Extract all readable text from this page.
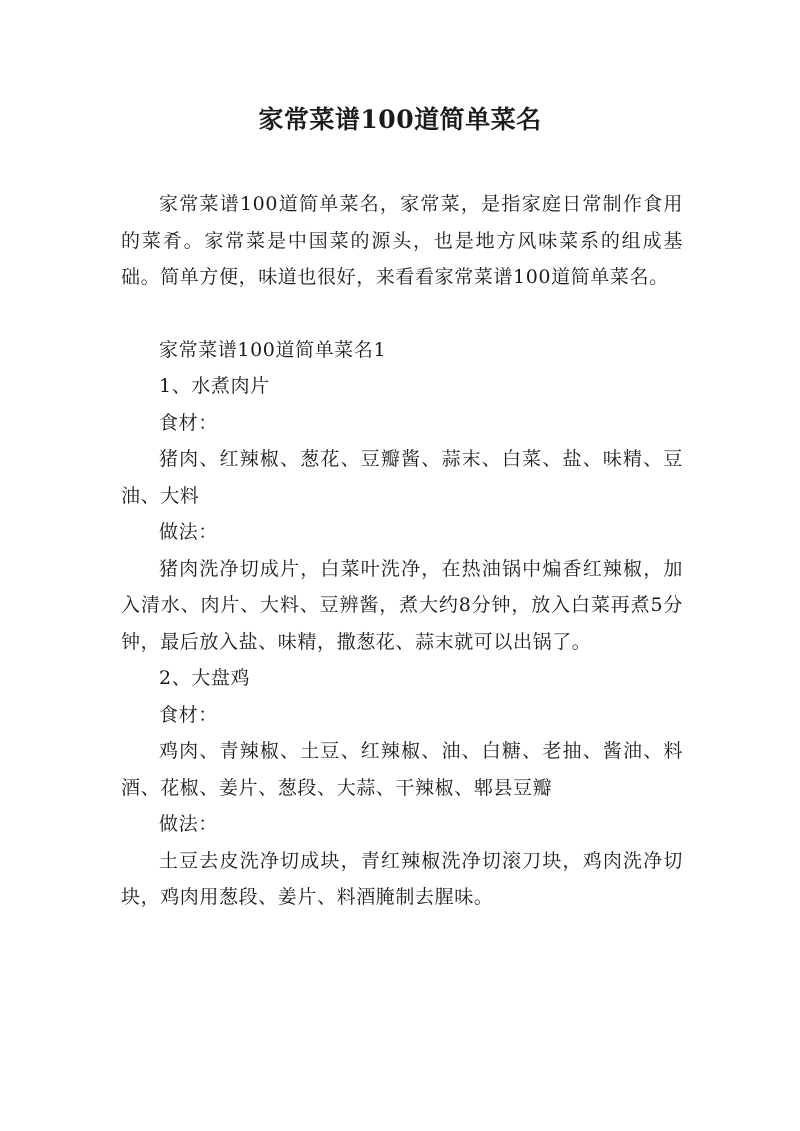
家常菜谱100道简单菜名

家常菜谱100道简单菜名，家常菜，是指家庭日常制作食用的菜肴。家常菜是中国菜的源头，也是地方风味菜系的组成基础。简单方便，味道也很好，来看看家常菜谱100道简单菜名。

家常菜谱100道简单菜名1

1、水煮肉片

食材：

猪肉、红辣椒、葱花、豆瓣酱、蒜末、白菜、盐、味精、豆油、大料

做法：

猪肉洗净切成片，白菜叶洗净，在热油锅中煸香红辣椒，加入清水、肉片、大料、豆辨酱，煮大约8分钟，放入白菜再煮5分钟，最后放入盐、味精，撒葱花、蒜末就可以出锅了。

2、大盘鸡

食材：

鸡肉、青辣椒、土豆、红辣椒、油、白糖、老抽、酱油、料酒、花椒、姜片、葱段、大蒜、干辣椒、郫县豆瓣

做法：

土豆去皮洗净切成块，青红辣椒洗净切滚刀块，鸡肉洗净切块，鸡肉用葱段、姜片、料酒腌制去腥味。
